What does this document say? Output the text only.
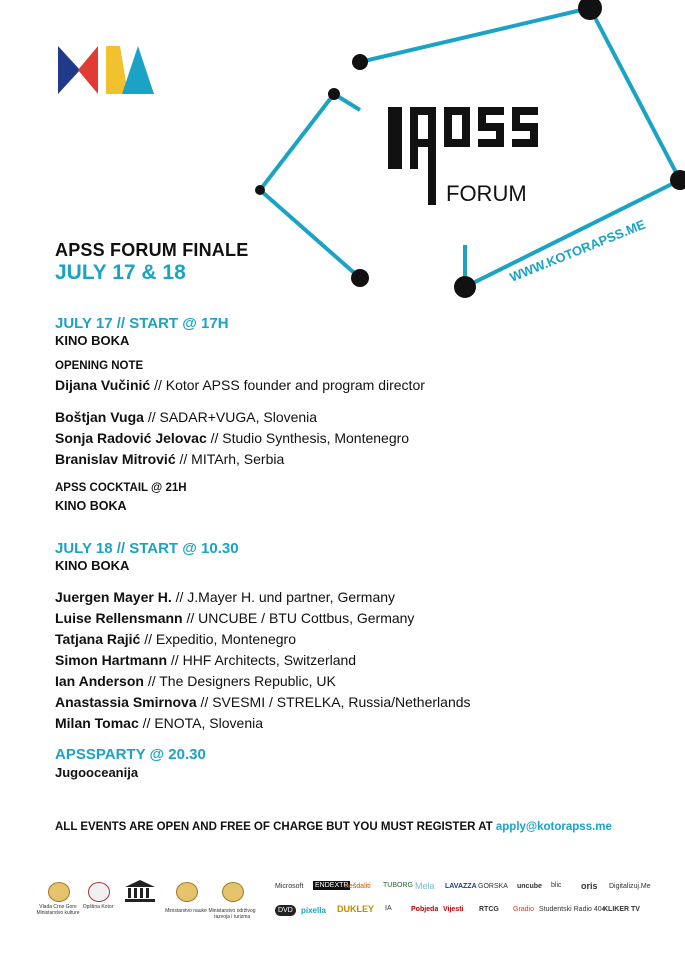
FORUM
WWW.KOTORAPSS.ME
APSS FORUM FINALE
JULY 17 & 18
JULY 17 // START @ 17H
KINO BOKA
OPENING NOTE
Dijana Vučinić // Kotor APSS founder and program director
Boštjan Vuga // SADAR+VUGA, Slovenia
Sonja Radović Jelovac // Studio Synthesis, Montenegro
Branislav Mitrović // MITArh, Serbia
APSS COCKTAIL @ 21H
KINO BOKA
JULY 18 // START @ 10.30
KINO BOKA
Juergen Mayer H. // J.Mayer H. und partner, Germany
Luise Rellensmann // UNCUBE / BTU Cottbus, Germany
Tatjana Rajić // Expeditio, Montenegro
Simon Hartmann // HHF Architects, Switzerland
Ian Anderson // The Designers Republic, UK
Anastassia Smirnova // SVESMI / STRELKA, Russia/Netherlands
Milan Tomac // ENOTA, Slovenia
APSSPARTY @ 20.30
Jugooceanija
ALL EVENTS ARE OPEN AND FREE OF CHARGE BUT YOU MUST REGISTER AT apply@kotorapss.me
Vlada Crne Gore Ministarstvo kulture
Opština Kotor
Ministarstvo nauke Ministarstvo održivog razvoja i turizma
Microsoft ENDEXTR
nešdaliti TUBORG Mela LAVAZZA GORSKA uncube blic oris Digitalizuj.Me
DVD	pixella DUKLEY IA	Pobjeda Vijesti RTCG Gradio Studentski Radio 404
KLIKER TV
